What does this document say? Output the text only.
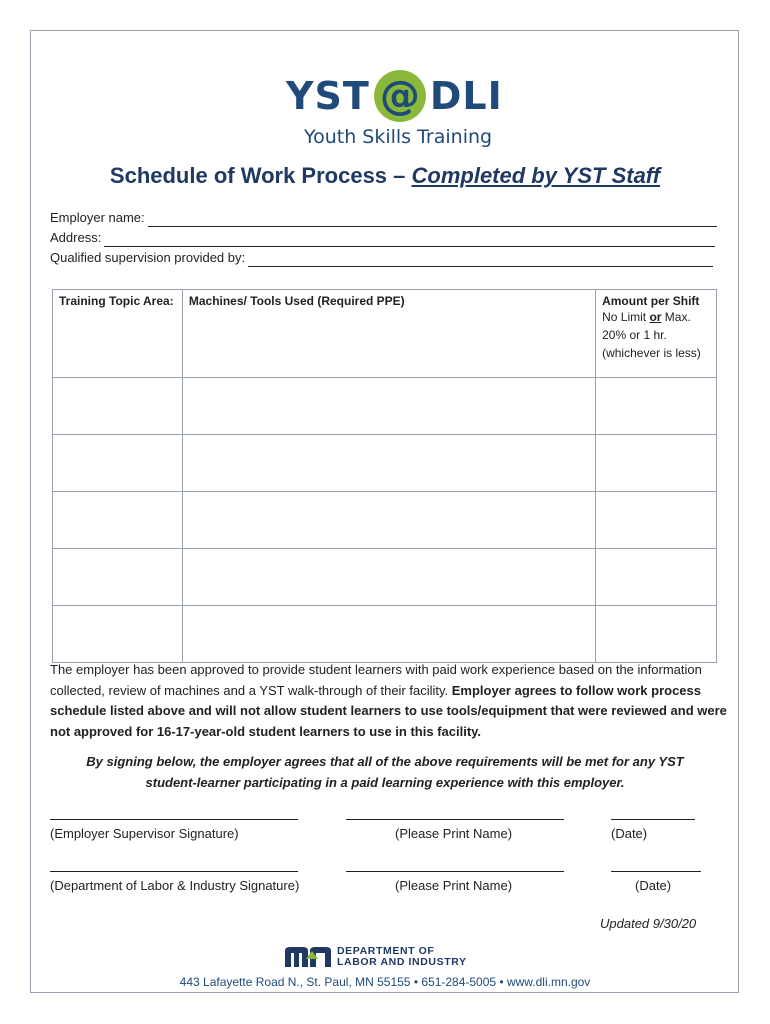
YST @ DLI
Youth Skills Training
Schedule of Work Process – Completed by YST Staff
Employer name:
Address:
Qualified supervision provided by:
Training Topic Area:	Machines/ Tools Used (Required PPE)	Amount per Shift
No Limit or Max.
20% or 1 hr.
(whichever is less)

The employer has been approved to provide student learners with paid work experience based on the information collected, review of machines and a YST walk-through of their facility. Employer agrees to follow work process schedule listed above and will not allow student learners to use tools/equipment that were reviewed and were not approved for 16-17-year-old student learners to use in this facility.
By signing below, the employer agrees that all of the above requirements will be met for any YST
student-learner participating in a paid learning experience with this employer.
(Employer Supervisor Signature)	(Please Print Name)	(Date)
(Department of Labor & Industry Signature)	(Please Print Name)	(Date)
Updated 9/30/20
DEPARTMENT OF
LABOR AND INDUSTRY
443 Lafayette Road N., St. Paul, MN 55155 • 651-284-5005 • www.dli.mn.gov
